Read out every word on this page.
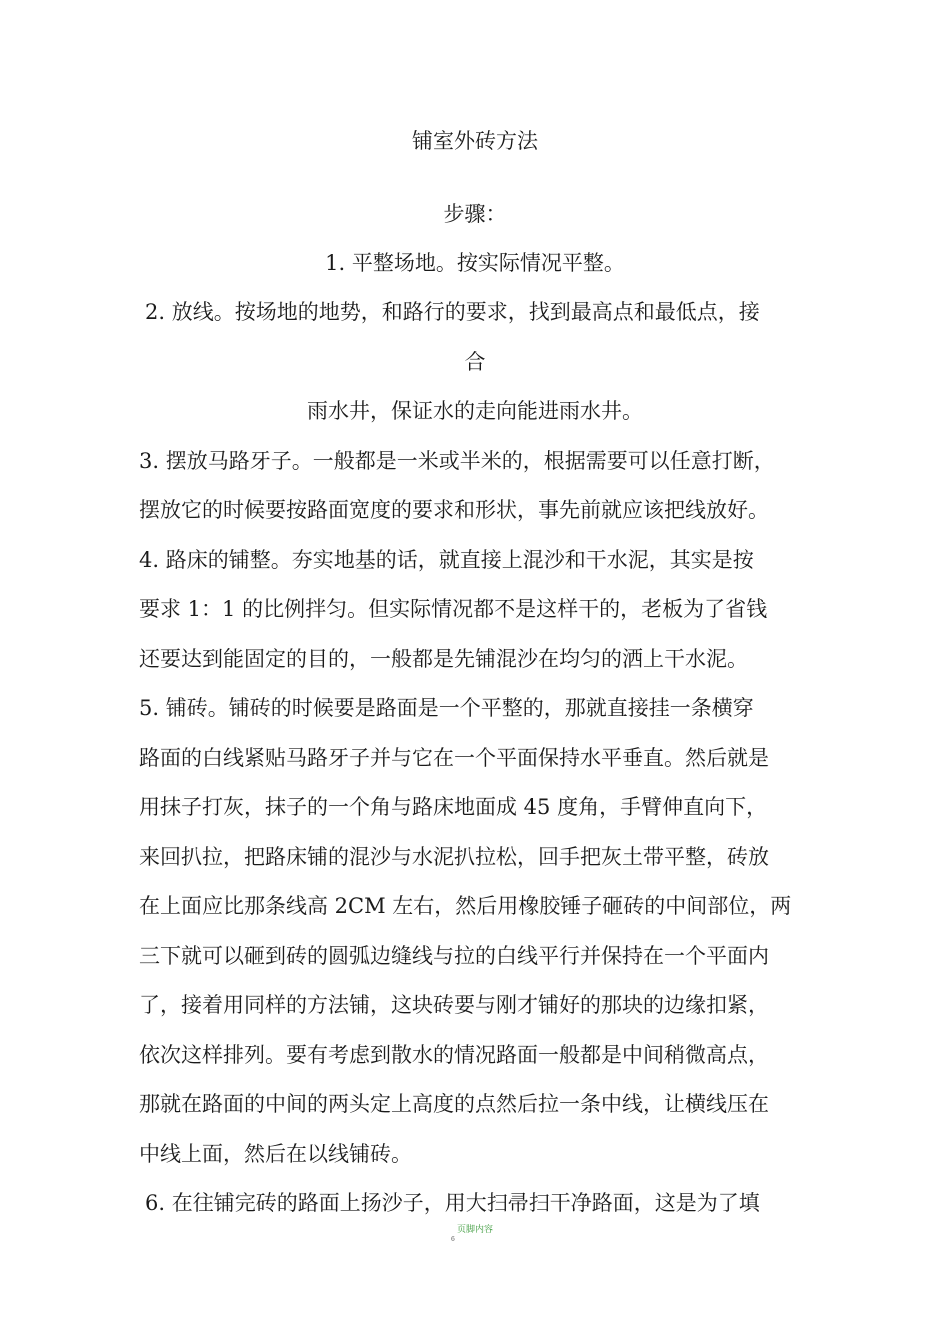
铺室外砖方法
步骤：
1. 平整场地。按实际情况平整。
2. 放线。按场地的地势，和路行的要求，找到最高点和最低点，接
合
雨水井，保证水的走向能进雨水井。
3. 摆放马路牙子。一般都是一米或半米的，根据需要可以任意打断，
摆放它的时候要按路面宽度的要求和形状，事先前就应该把线放好。
4. 路床的铺整。夯实地基的话，就直接上混沙和干水泥，其实是按
要求 1：1 的比例拌匀。但实际情况都不是这样干的，老板为了省钱
还要达到能固定的目的，一般都是先铺混沙在均匀的洒上干水泥。
5. 铺砖。铺砖的时候要是路面是一个平整的，那就直接挂一条横穿
路面的白线紧贴马路牙子并与它在一个平面保持水平垂直。然后就是
用抹子打灰，抹子的一个角与路床地面成 45 度角，手臂伸直向下，
来回扒拉，把路床铺的混沙与水泥扒拉松，回手把灰土带平整，砖放
在上面应比那条线高 2CM 左右，然后用橡胶锤子砸砖的中间部位，两
三下就可以砸到砖的圆弧边缝线与拉的白线平行并保持在一个平面内
了，接着用同样的方法铺，这块砖要与刚才铺好的那块的边缘扣紧，
依次这样排列。要有考虑到散水的情况路面一般都是中间稍微高点，
那就在路面的中间的两头定上高度的点然后拉一条中线，让横线压在
中线上面，然后在以线铺砖。
6. 在往铺完砖的路面上扬沙子，用大扫帚扫干净路面，这是为了填
页脚内容
6
